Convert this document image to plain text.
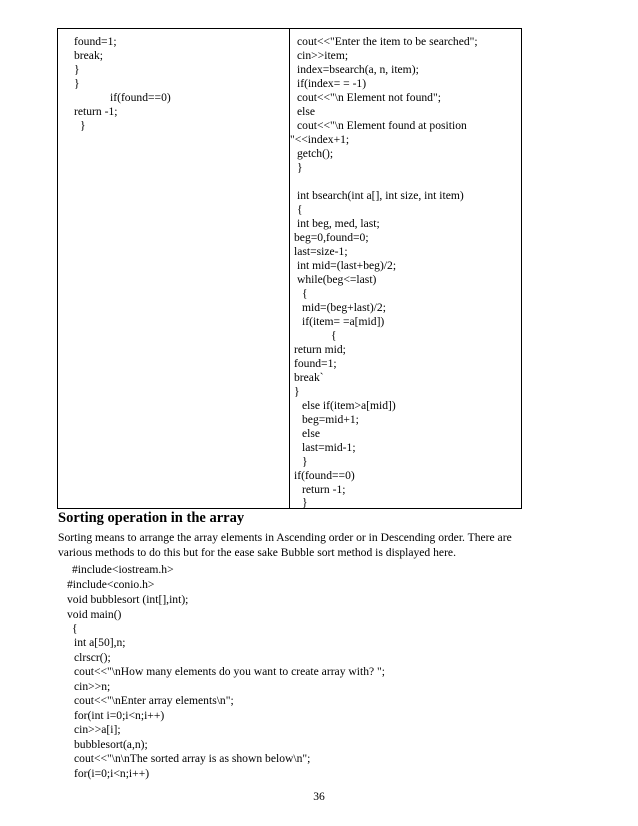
found=1;
break;
}
}
if(found==0)
return -1;
}
cout<<"Enter the item to be searched";
cin>>item;
index=bsearch(a, n, item);
if(index= = -1)
cout<<"\n Element not found";
else
cout<<"\n Element found at position
"<<index+1;
getch();
}
int bsearch(int a[], int size, int item)
{
int beg, med, last;
beg=0,found=0;
last=size-1;
int mid=(last+beg)/2;
while(beg<=last)
{
mid=(beg+last)/2;
if(item= =a[mid])
{
return mid;
found=1;
break`
}
else if(item>a[mid])
beg=mid+1;
else
last=mid-1;
}
if(found==0)
return -1;
}
Sorting operation in the array
Sorting means to arrange the array elements in Ascending order or in Descending order. There are
various methods to do this but for the ease sake Bubble sort method is displayed here.
#include<iostream.h>
#include<conio.h>
void bubblesort (int[],int);
void main()
{
int a[50],n;
clrscr();
cout<<"\nHow many elements do you want to create array with? ";
cin>>n;
cout<<"\nEnter array elements\n";
for(int i=0;i<n;i++)
cin>>a[i];
bubblesort(a,n);
cout<<"\n\nThe sorted array is as shown below\n";
for(i=0;i<n;i++)
36
